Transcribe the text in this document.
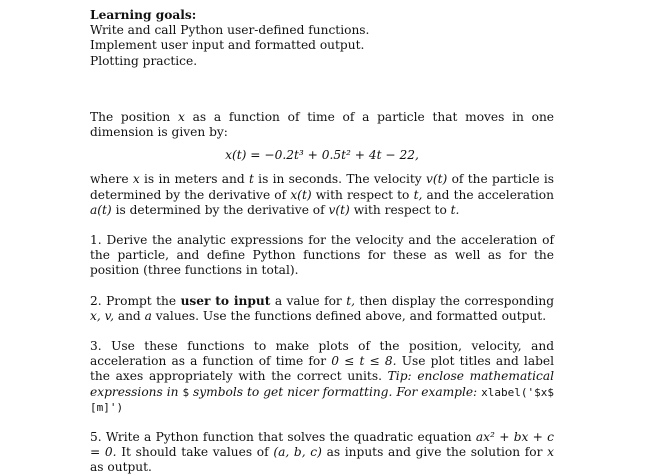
Learning goals:
Write and call Python user-defined functions.
Implement user input and formatted output.
Plotting practice.

The position x as a function of time of a particle that moves in one dimension is given by:

x(t) = −0.2t³ + 0.5t² + 4t − 22,

where x is in meters and t is in seconds. The velocity v(t) of the particle is determined by the derivative of x(t) with respect to t, and the acceleration a(t) is determined by the derivative of v(t) with respect to t.

1. Derive the analytic expressions for the velocity and the acceleration of the particle, and define Python functions for these as well as for the position (three functions in total).

2. Prompt the user to input a value for t, then display the corresponding x, v, and a values. Use the functions defined above, and formatted output.

3. Use these functions to make plots of the position, velocity, and acceleration as a function of time for 0 ≤ t ≤ 8. Use plot titles and label the axes appropriately with the correct units. Tip: enclose mathematical expressions in $ symbols to get nicer formatting. For example: xlabel('$x$ [m]')

5. Write a Python function that solves the quadratic equation ax² + bx + c = 0. It should take values of (a, b, c) as inputs and give the solution for x as output.
